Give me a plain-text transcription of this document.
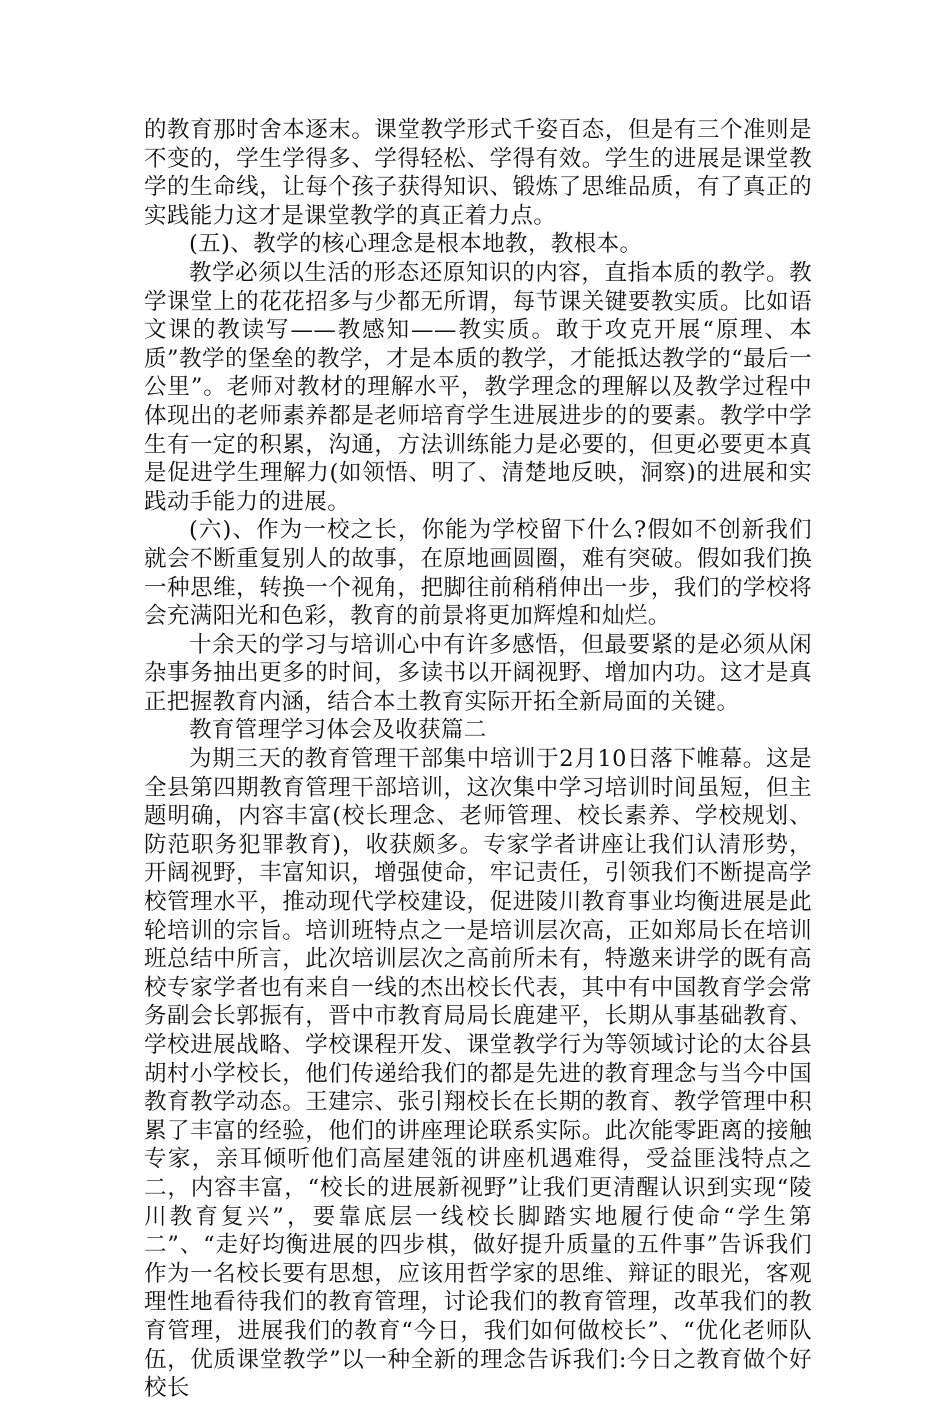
的教育那时舍本逐末。课堂教学形式千姿百态，但是有三个准则是不变的，学生学得多、学得轻松、学得有效。学生的进展是课堂教学的生命线，让每个孩子获得知识、锻炼了思维品质，有了真正的实践能力这才是课堂教学的真正着力点。

(五)、教学的核心理念是根本地教，教根本。

教学必须以生活的形态还原知识的内容，直指本质的教学。教学课堂上的花花招多与少都无所谓，每节课关键要教实质。比如语文课的教读写——教感知——教实质。敢于攻克开展“原理、本质”教学的堡垒的教学，才是本质的教学，才能抵达教学的“最后一公里”。老师对教材的理解水平，教学理念的理解以及教学过程中体现出的老师素养都是老师培育学生进展进步的的要素。教学中学生有一定的积累，沟通，方法训练能力是必要的，但更必要更本真是促进学生理解力(如领悟、明了、清楚地反映，洞察)的进展和实践动手能力的进展。

(六)、作为一校之长，你能为学校留下什么?假如不创新我们就会不断重复别人的故事，在原地画圆圈，难有突破。假如我们换一种思维，转换一个视角，把脚往前稍稍伸出一步，我们的学校将会充满阳光和色彩，教育的前景将更加辉煌和灿烂。

十余天的学习与培训心中有许多感悟，但最要紧的是必须从闲杂事务抽出更多的时间，多读书以开阔视野、增加内功。这才是真正把握教育内涵，结合本土教育实际开拓全新局面的关键。

教育管理学习体会及收获篇二

为期三天的教育管理干部集中培训于2月10日落下帷幕。这是全县第四期教育管理干部培训，这次集中学习培训时间虽短，但主题明确，内容丰富(校长理念、老师管理、校长素养、学校规划、防范职务犯罪教育)，收获颇多。专家学者讲座让我们认清形势，开阔视野，丰富知识，增强使命，牢记责任，引领我们不断提高学校管理水平，推动现代学校建设，促进陵川教育事业均衡进展是此轮培训的宗旨。培训班特点之一是培训层次高，正如郑局长在培训班总结中所言，此次培训层次之高前所未有，特邀来讲学的既有高校专家学者也有来自一线的杰出校长代表，其中有中国教育学会常务副会长郭振有，晋中市教育局局长鹿建平，长期从事基础教育、学校进展战略、学校课程开发、课堂教学行为等领域讨论的太谷县胡村小学校长，他们传递给我们的都是先进的教育理念与当今中国教育教学动态。王建宗、张引翔校长在长期的教育、教学管理中积累了丰富的经验，他们的讲座理论联系实际。此次能零距离的接触专家，亲耳倾听他们高屋建瓴的讲座机遇难得，受益匪浅特点之二，内容丰富，“校长的进展新视野”让我们更清醒认识到实现“陵川教育复兴”，要靠底层一线校长脚踏实地履行使命“学生第二”、“走好均衡进展的四步棋，做好提升质量的五件事”告诉我们作为一名校长要有思想，应该用哲学家的思维、辩证的眼光，客观理性地看待我们的教育管理，讨论我们的教育管理，改革我们的教育管理，进展我们的教育“今日，我们如何做校长”、“优化老师队伍，优质课堂教学”以一种全新的理念告诉我们:今日之教育做个好校长
